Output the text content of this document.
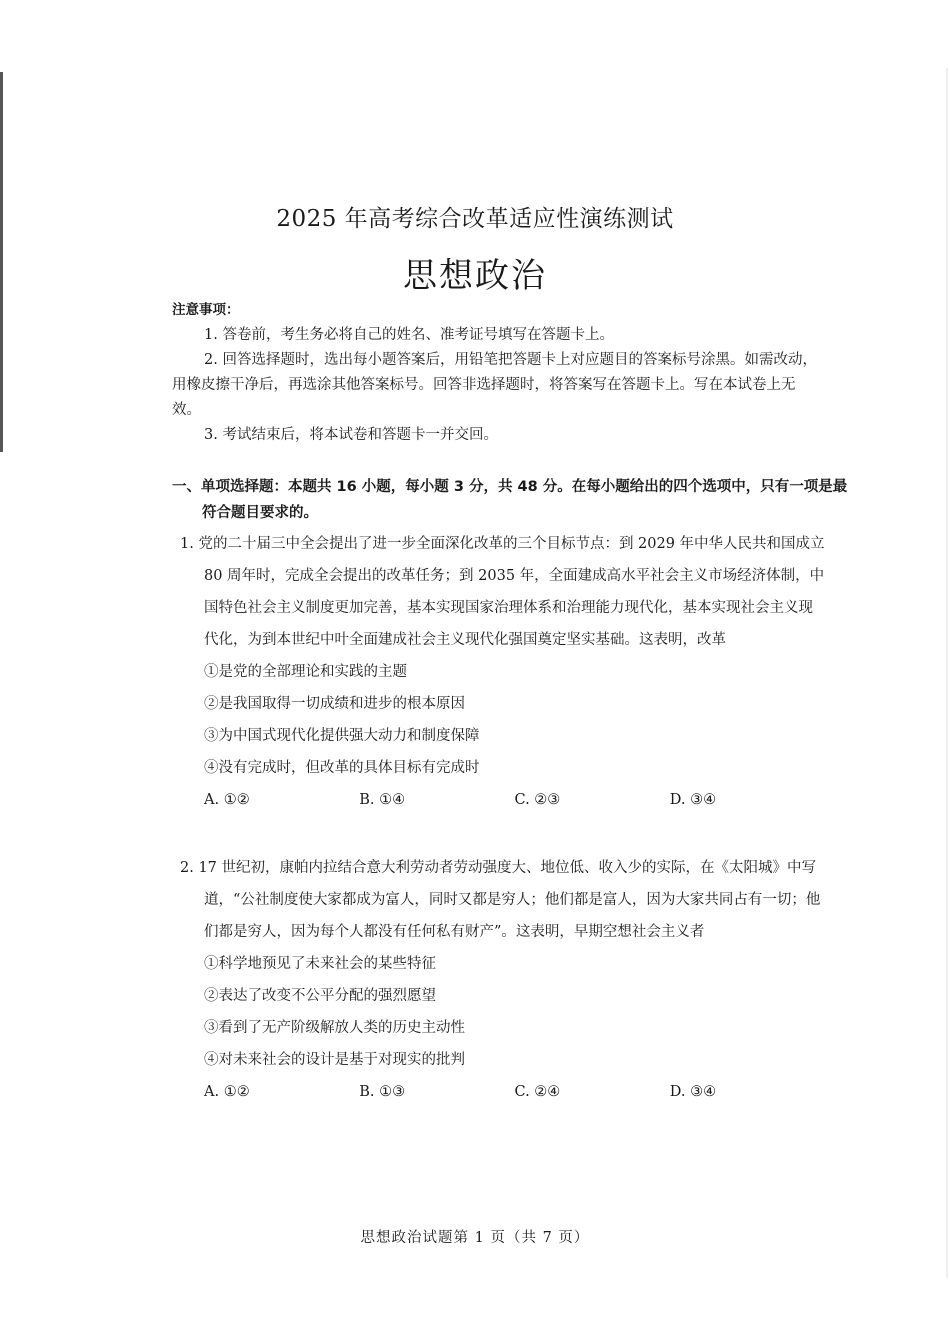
2025 年高考综合改革适应性演练测试
思想政治
注意事项：

1. 答卷前，考生务必将自己的姓名、准考证号填写在答题卡上。

2. 回答选择题时，选出每小题答案后，用铅笔把答题卡上对应题目的答案标号涂黑。如需改动，用橡皮擦干净后，再选涂其他答案标号。回答非选择题时，将答案写在答题卡上。写在本试卷上无效。

3. 考试结束后，将本试卷和答题卡一并交回。

一、单项选择题：本题共 16 小题，每小题 3 分，共 48 分。在每小题给出的四个选项中，只有一项是最符合题目要求的。
1. 党的二十届三中全会提出了进一步全面深化改革的三个目标节点：到 2029 年中华人民共和国成立 80 周年时，完成全会提出的改革任务；到 2035 年，全面建成高水平社会主义市场经济体制，中国特色社会主义制度更加完善，基本实现国家治理体系和治理能力现代化，基本实现社会主义现代化，为到本世纪中叶全面建成社会主义现代化强国奠定坚实基础。这表明，改革
①是党的全部理论和实践的主题
②是我国取得一切成绩和进步的根本原因
③为中国式现代化提供强大动力和制度保障
④没有完成时，但改革的具体目标有完成时
A. ①②	B. ①④	C. ②③	D. ③④
2. 17 世纪初，康帕内拉结合意大利劳动者劳动强度大、地位低、收入少的实际，在《太阳城》中写道，“公社制度使大家都成为富人，同时又都是穷人；他们都是富人，因为大家共同占有一切；他们都是穷人，因为每个人都没有任何私有财产”。这表明，早期空想社会主义者
①科学地预见了未来社会的某些特征
②表达了改变不公平分配的强烈愿望
③看到了无产阶级解放人类的历史主动性
④对未来社会的设计是基于对现实的批判
A. ①②	B. ①③	C. ②④	D. ③④
思想政治试题第 1 页（共 7 页）
